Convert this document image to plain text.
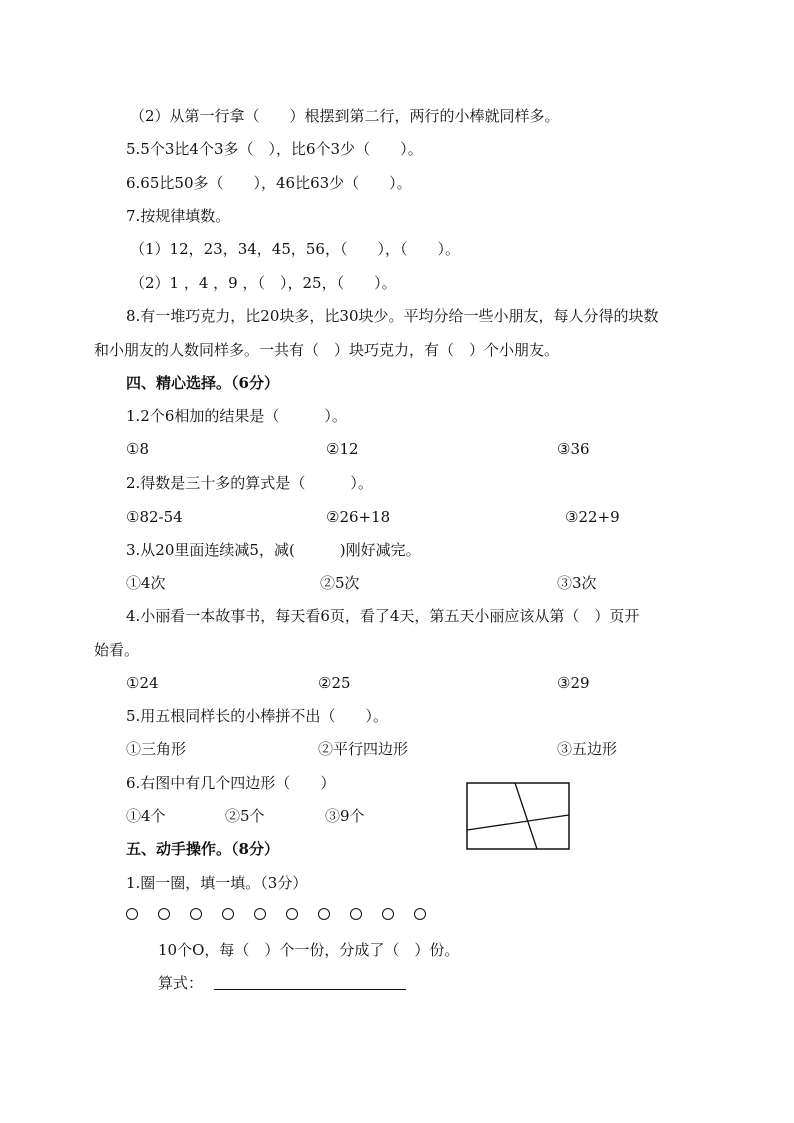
（2）从第一行拿（　　）根摆到第二行，两行的小棒就同样多。
5.5个3比4个3多（　），比6个3少（　　）。
6.65比50多（　　），46比63少（　　）。
7.按规律填数。
（1）12，23，34，45，56，（　　），（　　）。
（2）1 ，4 ，9 ，（　），25，（　　）。
8.有一堆巧克力，比20块多，比30块少。平均分给一些小朋友，每人分得的块数
和小朋友的人数同样多。一共有（　）块巧克力，有（　）个小朋友。
四、精心选择。（6分）
1.2个6相加的结果是（　　　）。
①8	②12	③36
2.得数是三十多的算式是（　　　）。
①82-54	②26+18	③22+9
3.从20里面连续减5，减(　　　)刚好减完。
①4次	②5次	③3次
4.小丽看一本故事书，每天看6页，看了4天，第五天小丽应该从第（　）页开
始看。
①24	②25	③29
5.用五根同样长的小棒拼不出（　　）。
①三角形	②平行四边形	③五边形
6.右图中有几个四边形（　　）
①4个	②5个	③9个
五、动手操作。（8分）
1.圈一圈，填一填。（3分）
10个O，每（　）个一份，分成了（　）份。
算式：
